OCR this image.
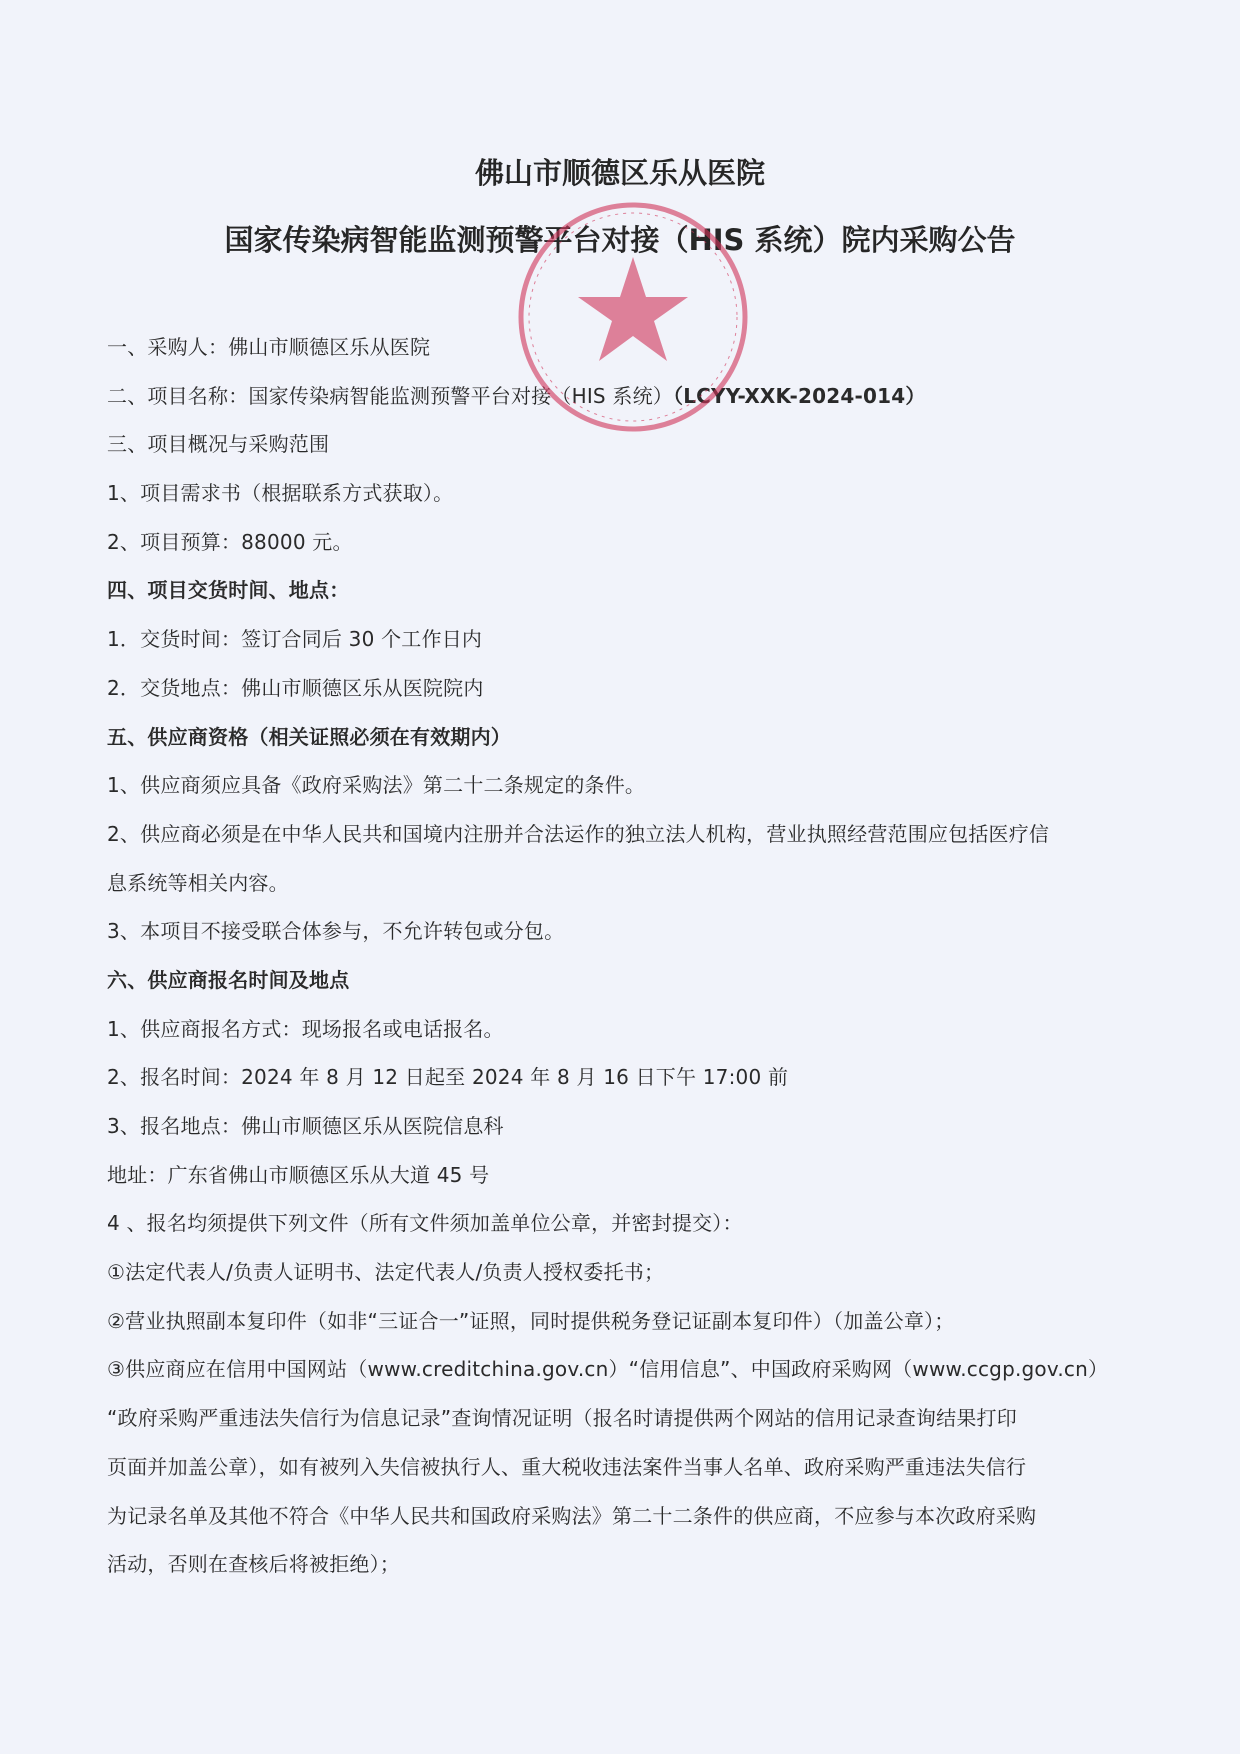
佛山市顺德区乐从医院
国家传染病智能监测预警平台对接（HIS 系统）院内采购公告
一、采购人：佛山市顺德区乐从医院
二、项目名称：国家传染病智能监测预警平台对接（HIS 系统）（LCYY-XXK-2024-014）
三、项目概况与采购范围
1、项目需求书（根据联系方式获取）。
2、项目预算：88000 元。
四、项目交货时间、地点：
1．交货时间：签订合同后 30 个工作日内
2．交货地点：佛山市顺德区乐从医院院内
五、供应商资格（相关证照必须在有效期内）
1、供应商须应具备《政府采购法》第二十二条规定的条件。
2、供应商必须是在中华人民共和国境内注册并合法运作的独立法人机构，营业执照经营范围应包括医疗信
息系统等相关内容。
3、本项目不接受联合体参与，不允许转包或分包。
六、供应商报名时间及地点
1、供应商报名方式：现场报名或电话报名。
2、报名时间：2024 年 8 月 12 日起至 2024 年 8 月 16 日下午 17:00 前
3、报名地点：佛山市顺德区乐从医院信息科
地址：广东省佛山市顺德区乐从大道 45 号
4 、报名均须提供下列文件（所有文件须加盖单位公章，并密封提交）：
①法定代表人/负责人证明书、法定代表人/负责人授权委托书；
②营业执照副本复印件（如非“三证合一”证照，同时提供税务登记证副本复印件）（加盖公章）；
③供应商应在信用中国网站（www.creditchina.gov.cn）“信用信息”、中国政府采购网（www.ccgp.gov.cn）
“政府采购严重违法失信行为信息记录”查询情况证明（报名时请提供两个网站的信用记录查询结果打印
页面并加盖公章），如有被列入失信被执行人、重大税收违法案件当事人名单、政府采购严重违法失信行
为记录名单及其他不符合《中华人民共和国政府采购法》第二十二条件的供应商，不应参与本次政府采购
活动，否则在查核后将被拒绝）；
